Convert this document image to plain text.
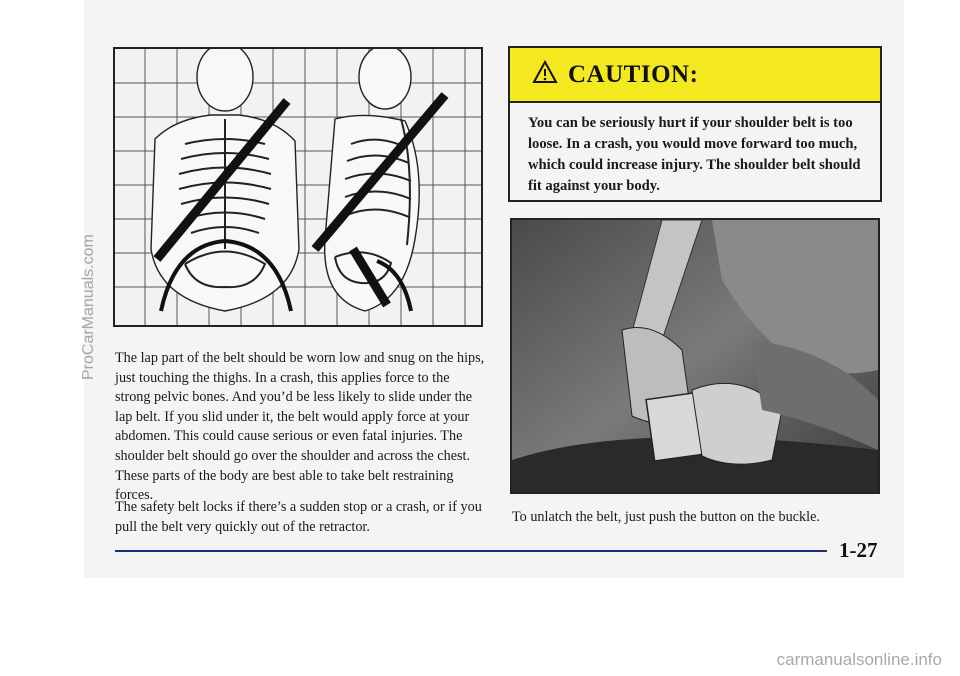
CAUTION:
You can be seriously hurt if your shoulder belt is too loose. In a crash, you would move forward too much, which could increase injury. The shoulder belt should fit against your body.

The lap part of the belt should be worn low and snug on the hips, just touching the thighs. In a crash, this applies force to the strong pelvic bones. And you’d be less likely to slide under the lap belt. If you slid under it, the belt would apply force at your abdomen. This could cause serious or even fatal injuries. The shoulder belt should go over the shoulder and across the chest. These parts of the body are best able to take belt restraining forces.

The safety belt locks if there’s a sudden stop or a crash, or if you pull the belt very quickly out of the retractor.

To unlatch the belt, just push the button on the buckle.

1-27
ProCarManuals.com
carmanualsonline.info
